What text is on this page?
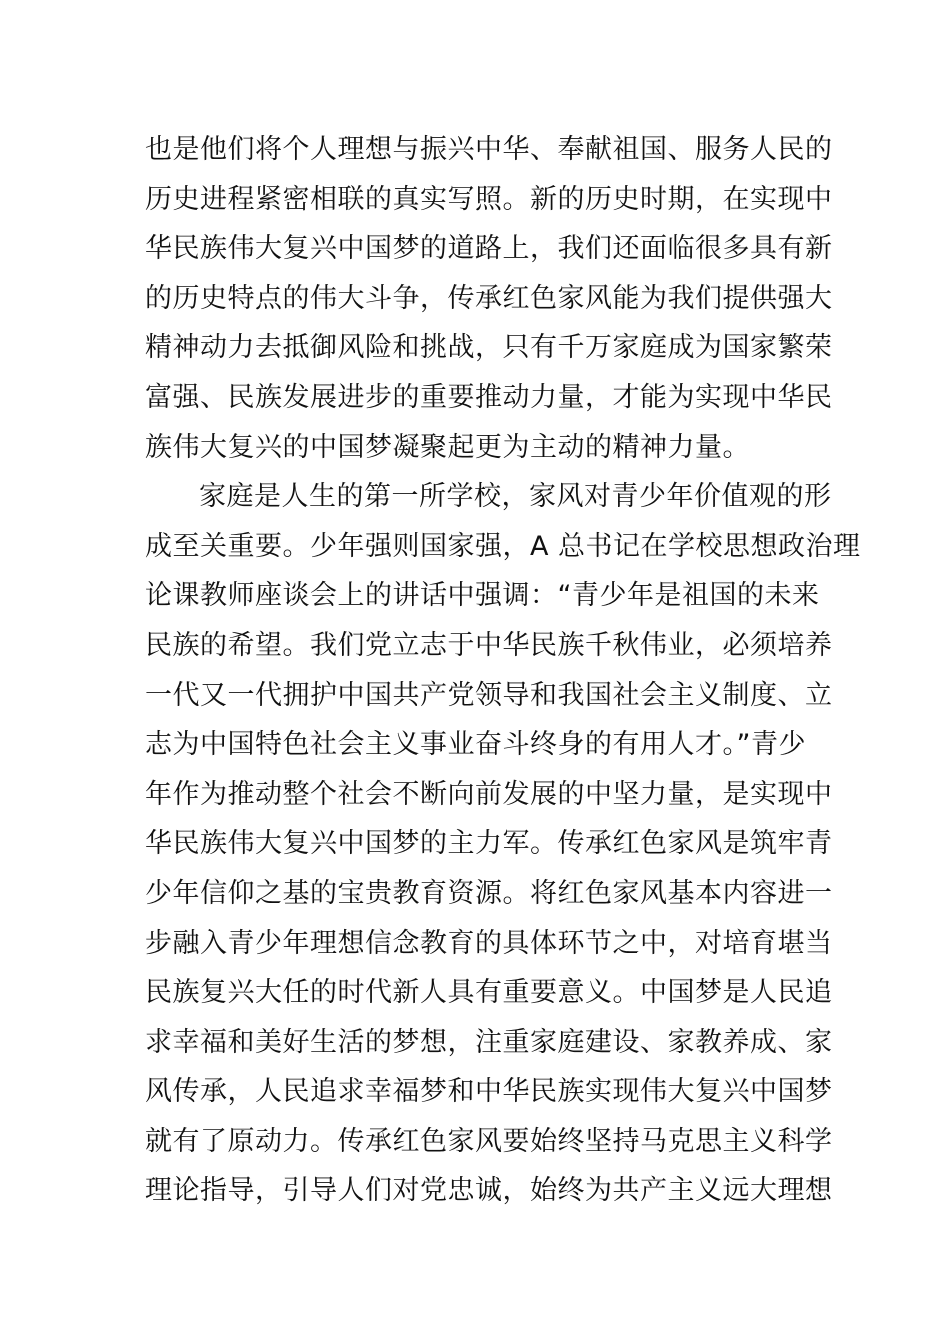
也是他们将个人理想与振兴中华、奉献祖国、服务人民的
历史进程紧密相联的真实写照。新的历史时期，在实现中
华民族伟大复兴中国梦的道路上，我们还面临很多具有新
的历史特点的伟大斗争，传承红色家风能为我们提供强大
精神动力去抵御风险和挑战，只有千万家庭成为国家繁荣
富强、民族发展进步的重要推动力量，才能为实现中华民
族伟大复兴的中国梦凝聚起更为主动的精神力量。
家庭是人生的第一所学校，家风对青少年价值观的形
成至关重要。少年强则国家强，A 总书记在学校思想政治理
论课教师座谈会上的讲话中强调：“青少年是祖国的未来
民族的希望。我们党立志于中华民族千秋伟业，必须培养
一代又一代拥护中国共产党领导和我国社会主义制度、立
志为中国特色社会主义事业奋斗终身的有用人才。”青少
年作为推动整个社会不断向前发展的中坚力量，是实现中
华民族伟大复兴中国梦的主力军。传承红色家风是筑牢青
少年信仰之基的宝贵教育资源。将红色家风基本内容进一
步融入青少年理想信念教育的具体环节之中，对培育堪当
民族复兴大任的时代新人具有重要意义。中国梦是人民追
求幸福和美好生活的梦想，注重家庭建设、家教养成、家
风传承，人民追求幸福梦和中华民族实现伟大复兴中国梦
就有了原动力。传承红色家风要始终坚持马克思主义科学
理论指导，引导人们对党忠诚，始终为共产主义远大理想
